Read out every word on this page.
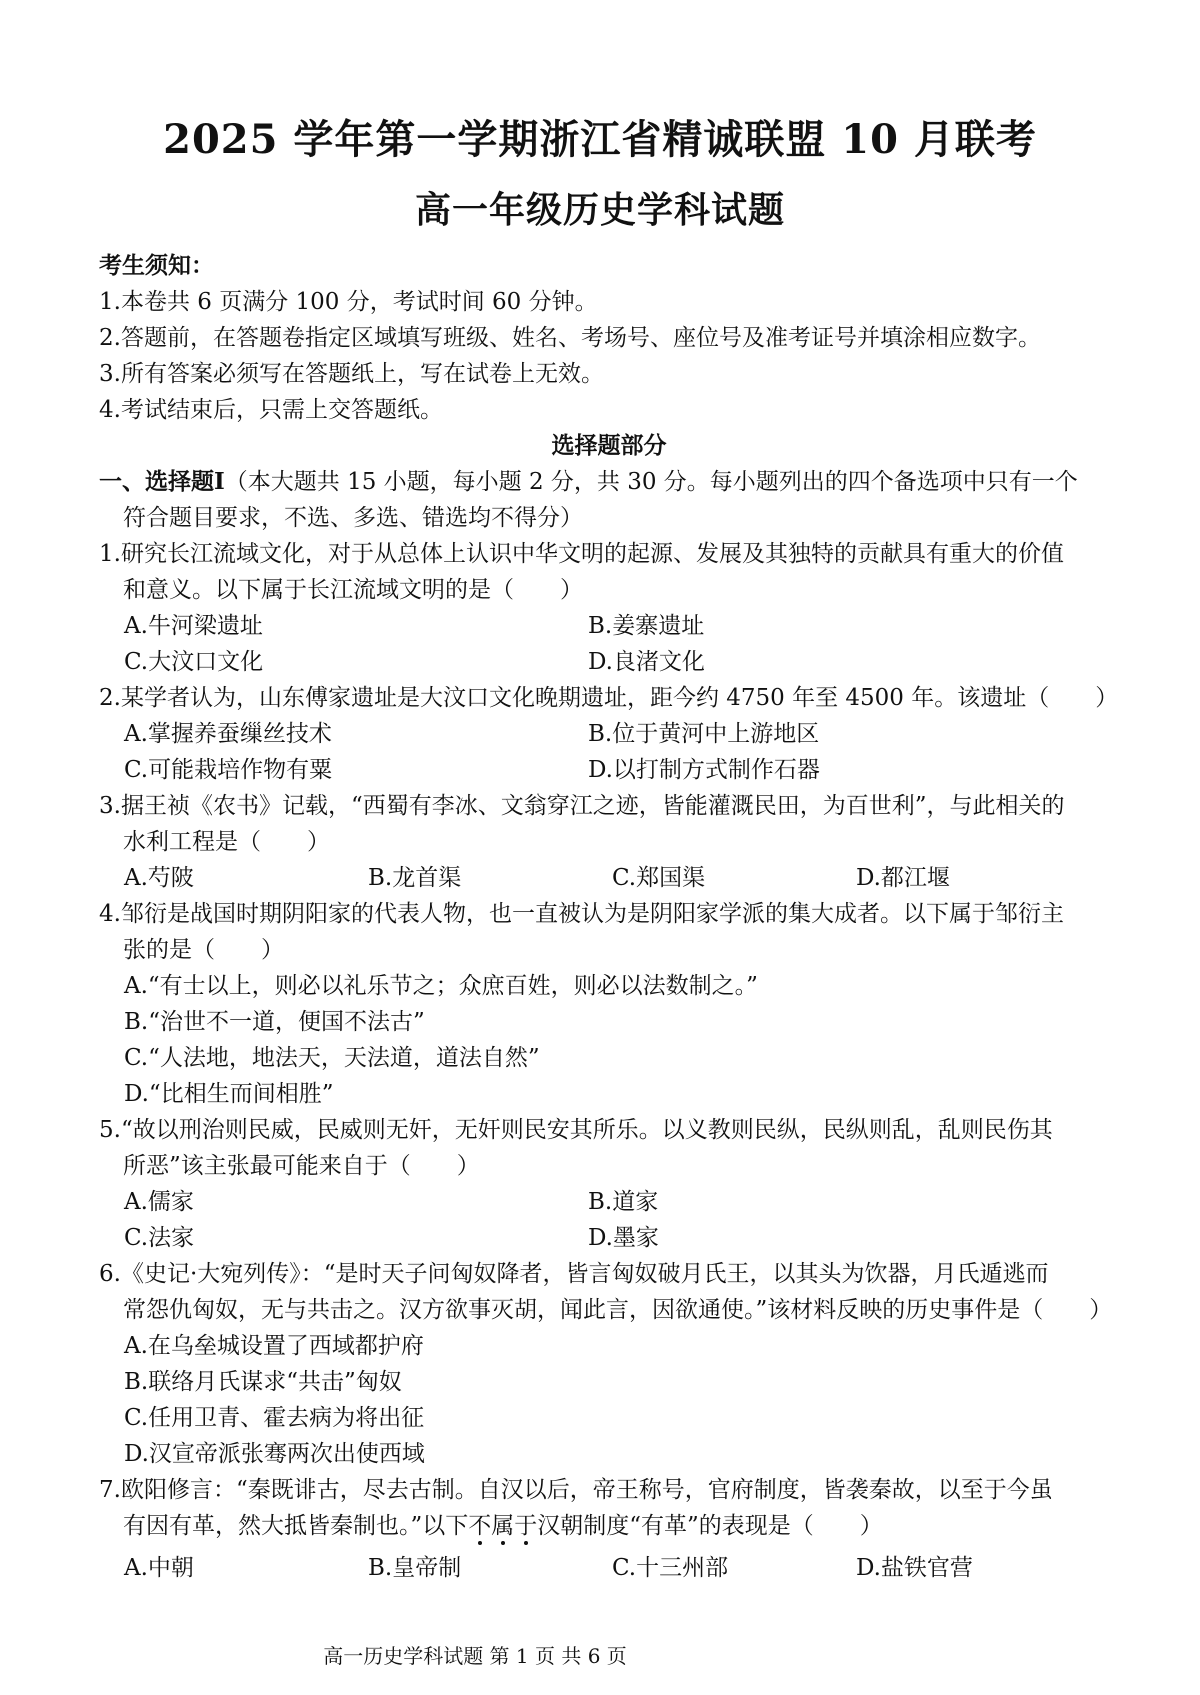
2025 学年第一学期浙江省精诚联盟 10 月联考
高一年级历史学科试题
考生须知：
1.本卷共 6 页满分 100 分，考试时间 60 分钟。
2.答题前，在答题卷指定区域填写班级、姓名、考场号、座位号及准考证号并填涂相应数字。
3.所有答案必须写在答题纸上，写在试卷上无效。
4.考试结束后，只需上交答题纸。
选择题部分
一、选择题Ⅰ（本大题共 15 小题，每小题 2 分，共 30 分。每小题列出的四个备选项中只有一个
符合题目要求，不选、多选、错选均不得分）
1.研究长江流域文化，对于从总体上认识中华文明的起源、发展及其独特的贡献具有重大的价值
和意义。以下属于长江流域文明的是（　　）
A.牛河梁遗址	B.姜寨遗址
C.大汶口文化	D.良渚文化
2.某学者认为，山东傅家遗址是大汶口文化晚期遗址，距今约 4750 年至 4500 年。该遗址（　　）
A.掌握养蚕缫丝技术	B.位于黄河中上游地区
C.可能栽培作物有粟	D.以打制方式制作石器
3.据王祯《农书》记载，“西蜀有李冰、文翁穿江之迹，皆能灌溉民田，为百世利”，与此相关的
水利工程是（　　）
A.芍陂	B.龙首渠	C.郑国渠	D.都江堰
4.邹衍是战国时期阴阳家的代表人物，也一直被认为是阴阳家学派的集大成者。以下属于邹衍主
张的是（　　）
A.“有士以上，则必以礼乐节之；众庶百姓，则必以法数制之。”
B.“治世不一道，便国不法古”
C.“人法地，地法天，天法道，道法自然”
D.“比相生而间相胜”
5.“故以刑治则民威，民威则无奸，无奸则民安其所乐。以义教则民纵，民纵则乱，乱则民伤其
所恶”该主张最可能来自于（　　）
A.儒家	B.道家
C.法家	D.墨家
6.《史记·大宛列传》：“是时天子问匈奴降者，皆言匈奴破月氏王，以其头为饮器，月氏遁逃而
常怨仇匈奴，无与共击之。汉方欲事灭胡，闻此言，因欲通使。”该材料反映的历史事件是（　　）
A.在乌垒城设置了西域都护府
B.联络月氏谋求“共击”匈奴
C.任用卫青、霍去病为将出征
D.汉宣帝派张骞两次出使西域
7.欧阳修言：“秦既诽古，尽去古制。自汉以后，帝王称号，官府制度，皆袭秦故，以至于今虽
有因有革，然大抵皆秦制也。”以下不属于汉朝制度“有革”的表现是（　　）
A.中朝	B.皇帝制	C.十三州部	D.盐铁官营
高一历史学科试题 第 1 页 共 6 页
